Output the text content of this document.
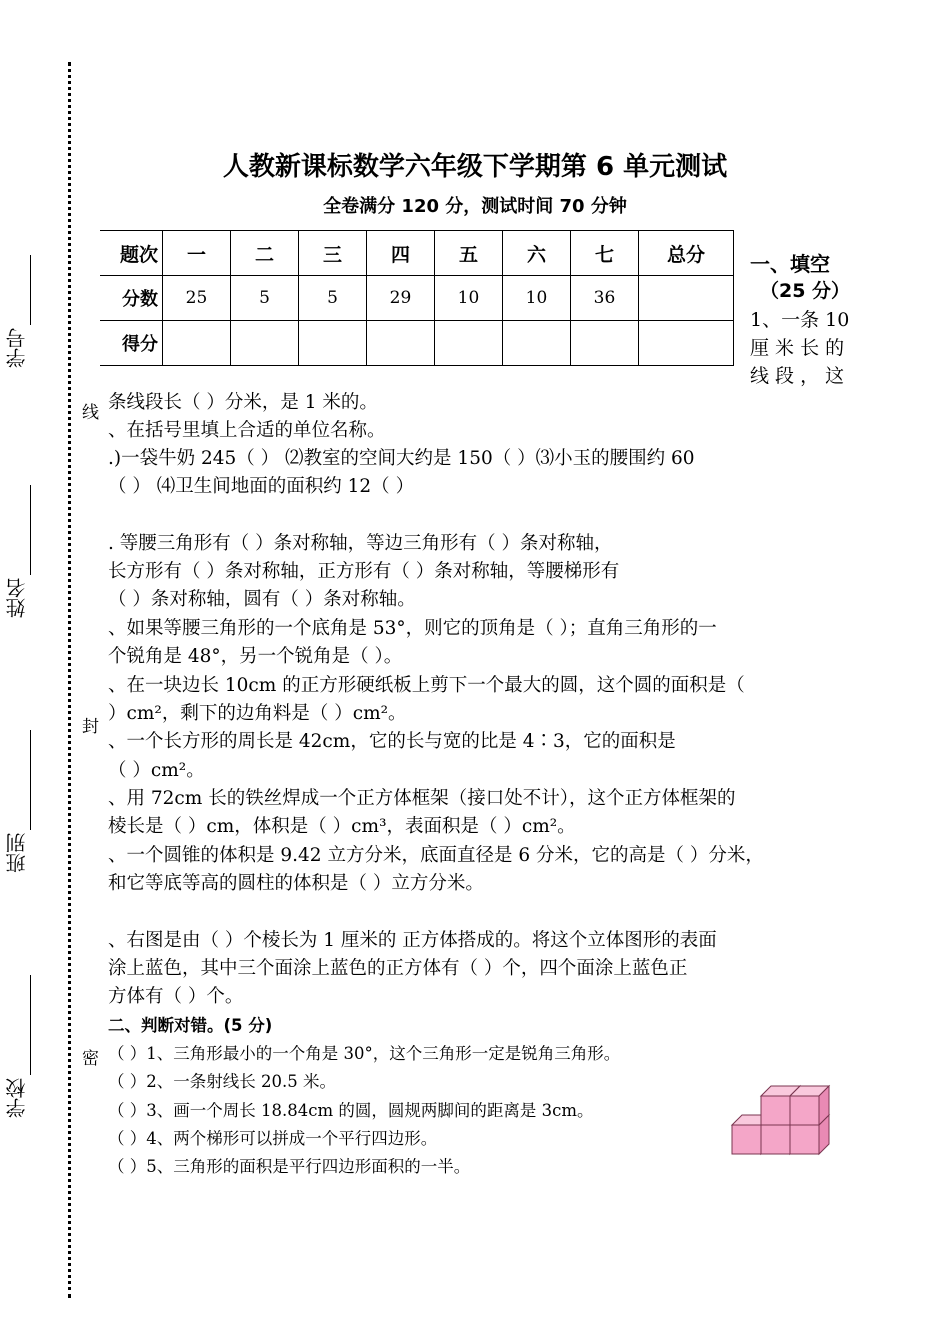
学号
姓名
班别
学校
线
封
密
人教新课标数学六年级下学期第 6 单元测试
全卷满分 120 分，测试时间 70 分钟
题次	一	二	三	四	五	六	七	总分
分数	25	5	5	29	10	10	36	
得分								
一、填空
（25 分）
1、一条 10
厘 米 长 的
线 段 ， 这
条线段长（ ）分米，是 1 米的。
、在括号里填上合适的单位名称。
.)一袋牛奶 245（ ） ⑵教室的空间大约是 150（ ）⑶小玉的腰围约 60
（ ） ⑷卫生间地面的面积约 12（ ）
. 等腰三角形有（ ）条对称轴，等边三角形有（ ）条对称轴，
长方形有（ ）条对称轴，正方形有（ ）条对称轴，等腰梯形有
（ ）条对称轴，圆有（ ）条对称轴。
、如果等腰三角形的一个底角是 53°，则它的顶角是（ ）；直角三角形的一
个锐角是 48°，另一个锐角是（ ）。
、在一块边长 10cm 的正方形硬纸板上剪下一个最大的圆，这个圆的面积是（
）cm²，剩下的边角料是（ ）cm²。
、一个长方形的周长是 42cm，它的长与宽的比是 4∶3，它的面积是
（ ）cm²。
、用 72cm 长的铁丝焊成一个正方体框架（接口处不计），这个正方体框架的
棱长是（ ）cm，体积是（ ）cm³，表面积是（ ）cm²。
、一个圆锥的体积是 9.42 立方分米，底面直径是 6 分米，它的高是（ ）分米，
和它等底等高的圆柱的体积是（ ）立方分米。
、右图是由（ ）个棱长为 1 厘米的 正方体搭成的。将这个立体图形的表面
涂上蓝色，其中三个面涂上蓝色的正方体有（ ）个，四个面涂上蓝色正
方体有（ ）个。
二、判断对错。(5 分)
（ ）1、三角形最小的一个角是 30°，这个三角形一定是锐角三角形。
（ ）2、一条射线长 20.5 米。
（ ）3、画一个周长 18.84cm 的圆，圆规两脚间的距离是 3cm。
（ ）4、两个梯形可以拼成一个平行四边形。
（ ）5、三角形的面积是平行四边形面积的一半。
